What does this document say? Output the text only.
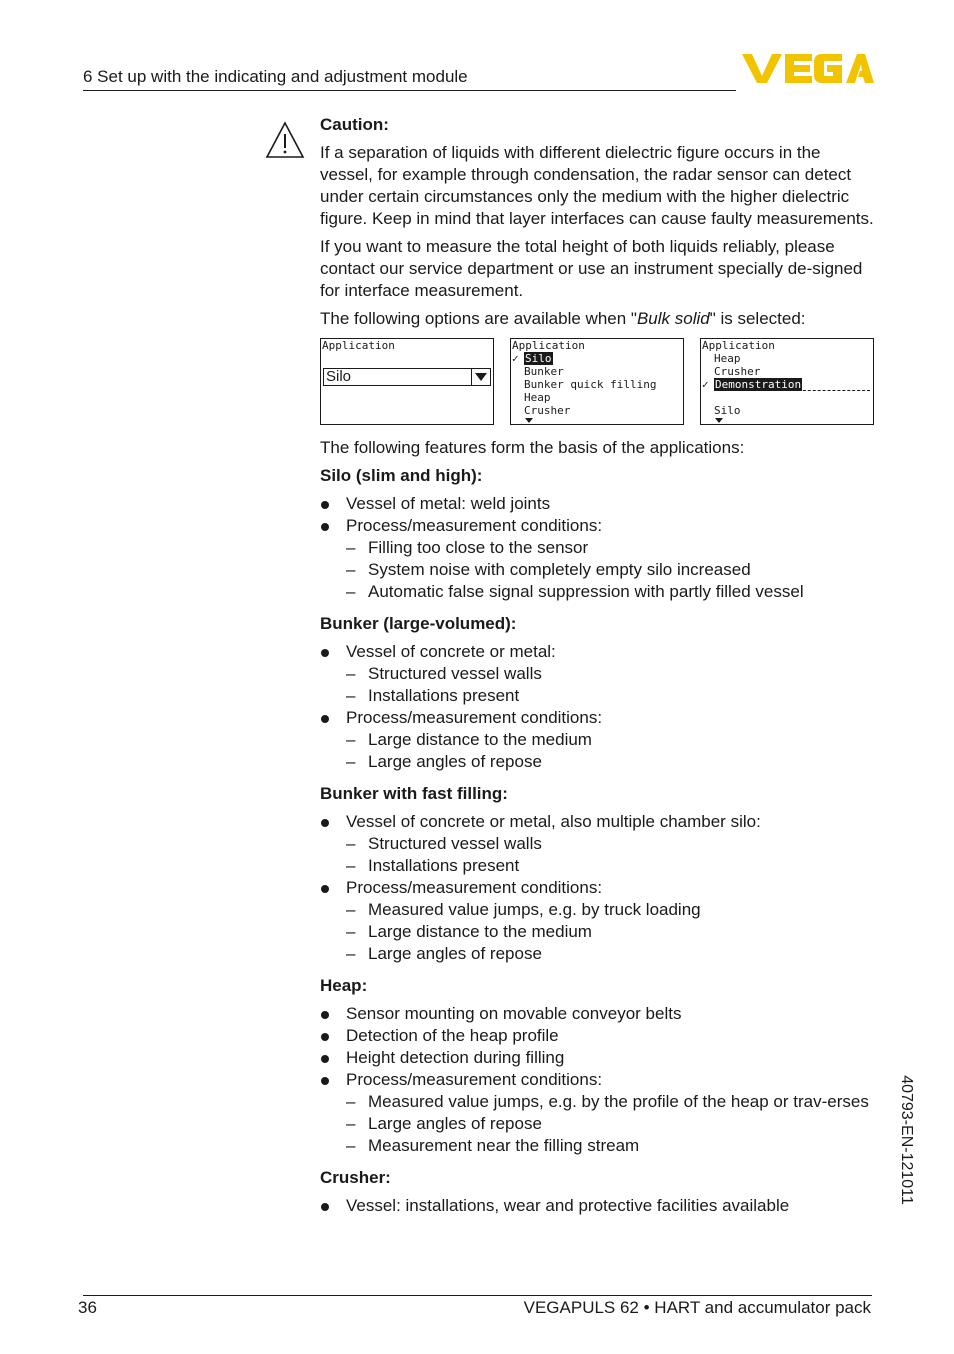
6 Set up with the indicating and adjustment module

Caution:

If a separation of liquids with different dielectric figure occurs in the vessel, for example through condensation, the radar sensor can detect under certain circumstances only the medium with the higher dielectric figure. Keep in mind that layer interfaces can cause faulty measurements.

If you want to measure the total height of both liquids reliably, please contact our service department or use an instrument specially de-signed for interface measurement.

The following options are available when "Bulk solid" is selected:

Application
Silo
Application
✓ Silo
Bunker
Bunker quick filling
Heap
Crusher
Application
Heap
Crusher
✓ Demonstration
Silo

The following features form the basis of the applications:

Silo (slim and high):

Vessel of metal: weld joints
Process/measurement conditions:
– Filling too close to the sensor
– System noise with completely empty silo increased
– Automatic false signal suppression with partly filled vessel

Bunker (large-volumed):

Vessel of concrete or metal:
– Structured vessel walls
– Installations present
Process/measurement conditions:
– Large distance to the medium
– Large angles of repose

Bunker with fast filling:

Vessel of concrete or metal, also multiple chamber silo:
– Structured vessel walls
– Installations present
Process/measurement conditions:
– Measured value jumps, e.g. by truck loading
– Large distance to the medium
– Large angles of repose

Heap:

Sensor mounting on movable conveyor belts
Detection of the heap profile
Height detection during filling
Process/measurement conditions:
– Measured value jumps, e.g. by the profile of the heap or trav-erses
– Large angles of repose
– Measurement near the filling stream

Crusher:

Vessel: installations, wear and protective facilities available
40793-EN-121011
36	VEGAPULS 62 • HART and accumulator pack
